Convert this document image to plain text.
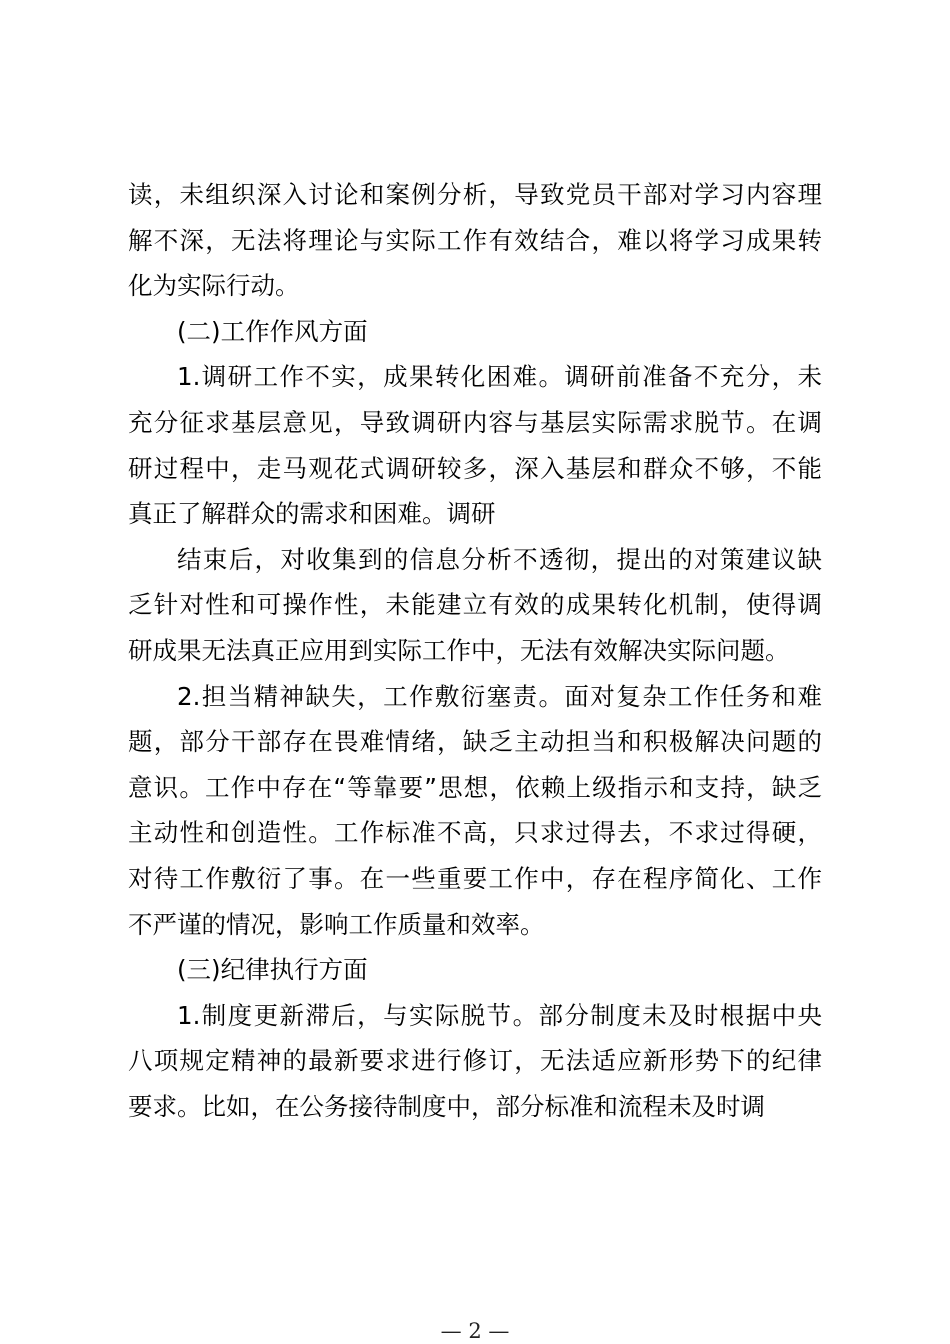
读，未组织深入讨论和案例分析，导致党员干部对学习内容理
解不深，无法将理论与实际工作有效结合，难以将学习成果转
化为实际行动。
(二)工作作风方面
1.调研工作不实，成果转化困难。调研前准备不充分，未
充分征求基层意见，导致调研内容与基层实际需求脱节。在调
研过程中，走马观花式调研较多，深入基层和群众不够，不能
真正了解群众的需求和困难。调研
结束后，对收集到的信息分析不透彻，提出的对策建议缺
乏针对性和可操作性，未能建立有效的成果转化机制，使得调
研成果无法真正应用到实际工作中，无法有效解决实际问题。
2.担当精神缺失，工作敷衍塞责。面对复杂工作任务和难
题，部分干部存在畏难情绪，缺乏主动担当和积极解决问题的
意识。工作中存在“等靠要”思想，依赖上级指示和支持，缺乏
主动性和创造性。工作标准不高，只求过得去，不求过得硬，
对待工作敷衍了事。在一些重要工作中，存在程序简化、工作
不严谨的情况，影响工作质量和效率。
(三)纪律执行方面
1.制度更新滞后，与实际脱节。部分制度未及时根据中央
八项规定精神的最新要求进行修订，无法适应新形势下的纪律
要求。比如，在公务接待制度中，部分标准和流程未及时调
— 2 —
